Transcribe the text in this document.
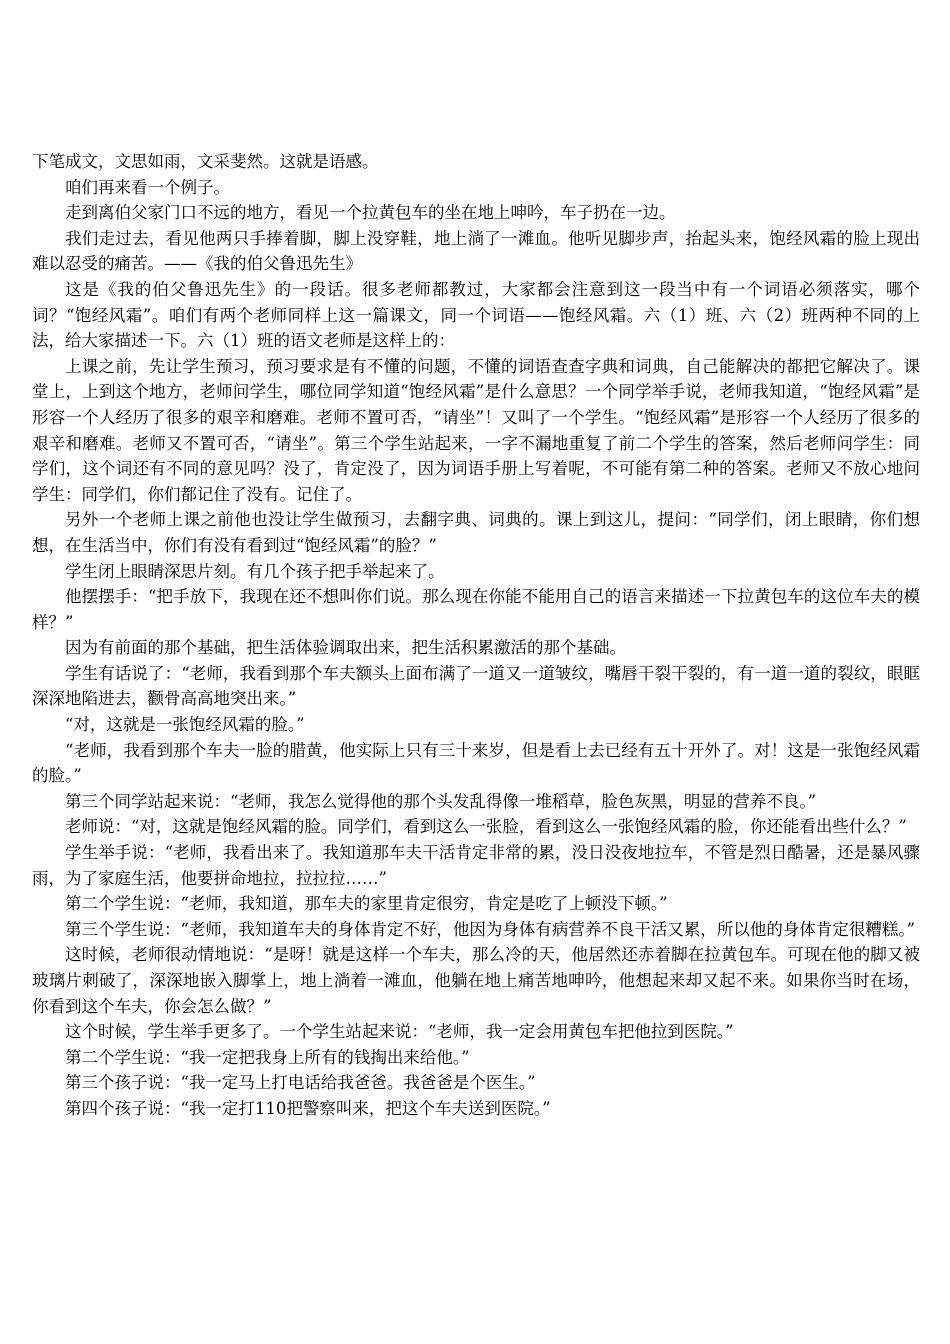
下笔成文，文思如雨，文采斐然。这就是语感。

咱们再来看一个例子。

走到离伯父家门口不远的地方，看见一个拉黄包车的坐在地上呻吟，车子扔在一边。

我们走过去，看见他两只手捧着脚，脚上没穿鞋，地上淌了一滩血。他听见脚步声，抬起头来，饱经风霜的脸上现出难以忍受的痛苦。——《我的伯父鲁迅先生》

这是《我的伯父鲁迅先生》的一段话。很多老师都教过，大家都会注意到这一段当中有一个词语必须落实，哪个词？“饱经风霜”。咱们有两个老师同样上这一篇课文，同一个词语——饱经风霜。六（1）班、六（2）班两种不同的上法，给大家描述一下。六（1）班的语文老师是这样上的：

上课之前，先让学生预习，预习要求是有不懂的问题，不懂的词语查查字典和词典，自己能解决的都把它解决了。课堂上，上到这个地方，老师问学生，哪位同学知道“饱经风霜”是什么意思？一个同学举手说，老师我知道，“饱经风霜”是形容一个人经历了很多的艰辛和磨难。老师不置可否，“请坐”！又叫了一个学生。“饱经风霜”是形容一个人经历了很多的艰辛和磨难。老师又不置可否，“请坐”。第三个学生站起来，一字不漏地重复了前二个学生的答案，然后老师问学生：同学们，这个词还有不同的意见吗？没了，肯定没了，因为词语手册上写着呢，不可能有第二种的答案。老师又不放心地问学生：同学们，你们都记住了没有。记住了。

另外一个老师上课之前他也没让学生做预习，去翻字典、词典的。课上到这儿，提问：“同学们，闭上眼睛，你们想想，在生活当中，你们有没有看到过“饱经风霜”的脸？”

学生闭上眼睛深思片刻。有几个孩子把手举起来了。

他摆摆手：“把手放下，我现在还不想叫你们说。那么现在你能不能用自己的语言来描述一下拉黄包车的这位车夫的模样？”

因为有前面的那个基础，把生活体验调取出来，把生活积累激活的那个基础。

学生有话说了：“老师，我看到那个车夫额头上面布满了一道又一道皱纹，嘴唇干裂干裂的，有一道一道的裂纹，眼眶深深地陷进去，颧骨高高地突出来。”

“对，这就是一张饱经风霜的脸。”

“老师，我看到那个车夫一脸的腊黄，他实际上只有三十来岁，但是看上去已经有五十开外了。对！这是一张饱经风霜的脸。”

第三个同学站起来说：“老师，我怎么觉得他的那个头发乱得像一堆稻草，脸色灰黑，明显的营养不良。”

老师说：“对，这就是饱经风霜的脸。同学们，看到这么一张脸，看到这么一张饱经风霜的脸，你还能看出些什么？”

学生举手说：“老师，我看出来了。我知道那车夫干活肯定非常的累，没日没夜地拉车，不管是烈日酷暑，还是暴风骤雨，为了家庭生活，他要拼命地拉，拉拉拉……”

第二个学生说：“老师，我知道，那车夫的家里肯定很穷，肯定是吃了上顿没下顿。”

第三个学生说：“老师，我知道车夫的身体肯定不好，他因为身体有病营养不良干活又累，所以他的身体肯定很糟糕。”

这时候，老师很动情地说：“是呀！就是这样一个车夫，那么冷的天，他居然还赤着脚在拉黄包车。可现在他的脚又被玻璃片刺破了，深深地嵌入脚掌上，地上淌着一滩血，他躺在地上痛苦地呻吟，他想起来却又起不来。如果你当时在场，你看到这个车夫，你会怎么做？”

这个时候，学生举手更多了。一个学生站起来说：“老师，我一定会用黄包车把他拉到医院。”

第二个学生说：“我一定把我身上所有的钱掏出来给他。”

第三个孩子说：“我一定马上打电话给我爸爸。我爸爸是个医生。”

第四个孩子说：“我一定打110把警察叫来，把这个车夫送到医院。”
